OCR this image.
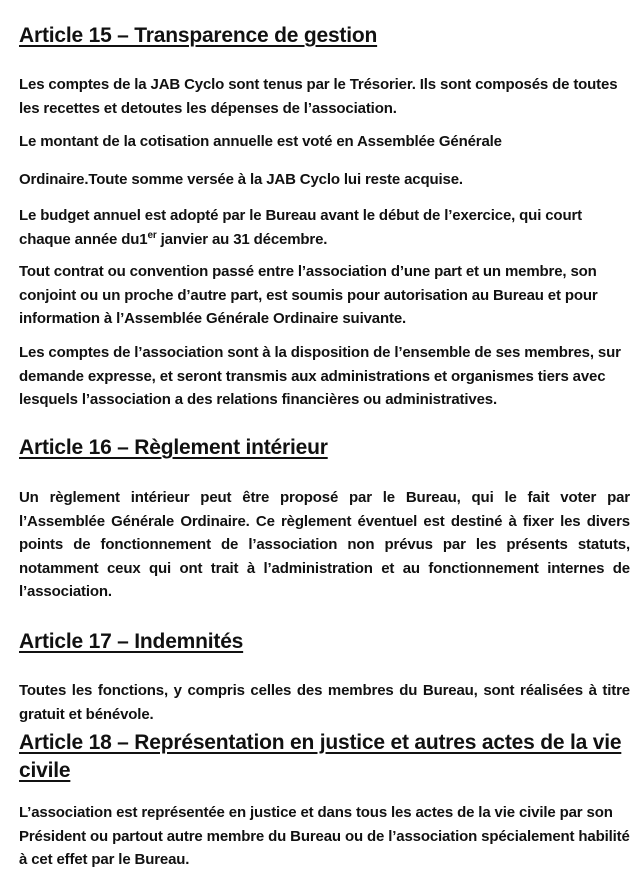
Article 15 – Transparence de gestion

Les comptes de la JAB Cyclo sont tenus par le Trésorier. Ils sont composés de toutes les recettes et detoutes les dépenses de l’association.

Le montant de la cotisation annuelle est voté en Assemblée Générale

Ordinaire.Toute somme versée à la JAB Cyclo lui reste acquise.

Le budget annuel est adopté par le Bureau avant le début de l’exercice, qui court chaque année du1er janvier au 31 décembre.

Tout contrat ou convention passé entre l’association d’une part et un membre, son conjoint ou un proche d’autre part, est soumis pour autorisation au Bureau et pour information à l’Assemblée Générale Ordinaire suivante.

Les comptes de l’association sont à la disposition de l’ensemble de ses membres, sur demande expresse, et seront transmis aux administrations et organismes tiers avec lesquels l’association a des relations financières ou administratives.

Article 16 – Règlement intérieur

Un règlement intérieur peut être proposé par le Bureau, qui le fait voter par l’Assemblée Générale Ordinaire. Ce règlement éventuel est destiné à fixer les divers points de fonctionnement de l’association non prévus par les présents statuts, notamment ceux qui ont trait à l’administration et au fonctionnement internes de l’association.

Article 17 – Indemnités

Toutes les fonctions, y compris celles des membres du Bureau, sont réalisées à titre gratuit et bénévole.

Article 18 – Représentation en justice et autres actes de la vie civile

L’association est représentée en justice et dans tous les actes de la vie civile par son Président ou partout autre membre du Bureau ou de l’association spécialement habilité à cet effet par le Bureau.
